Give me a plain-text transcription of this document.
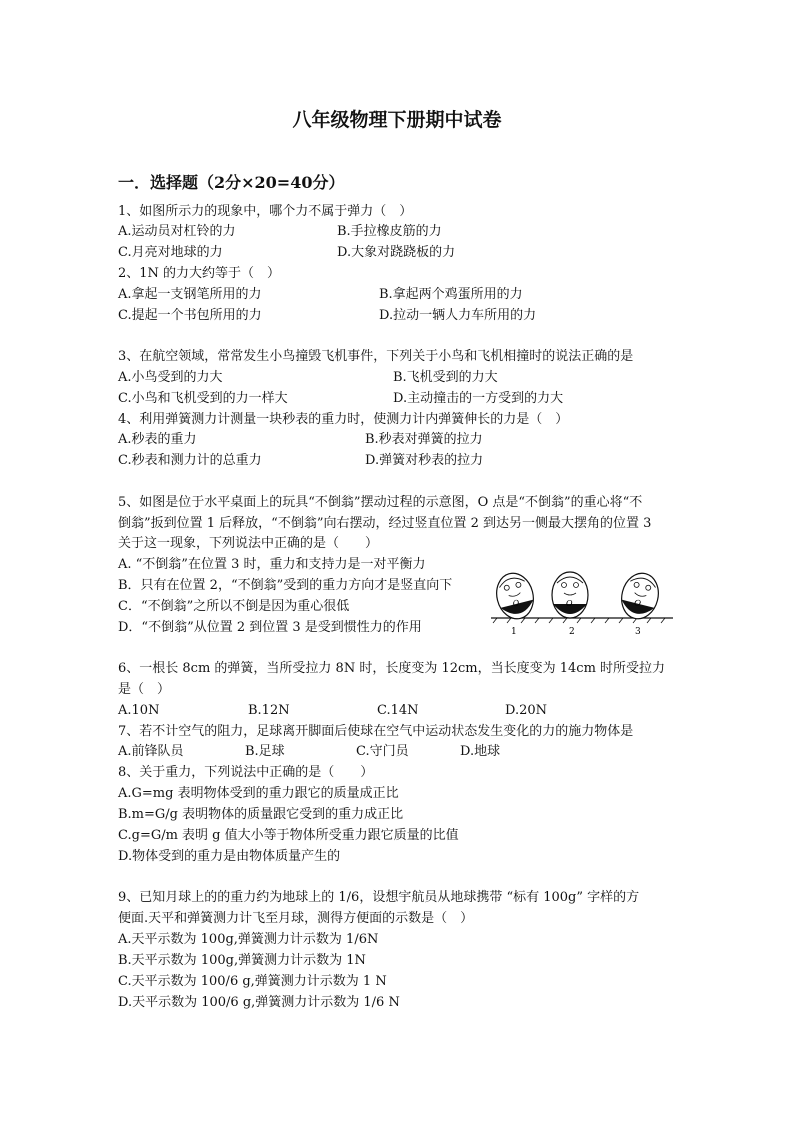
八年级物理下册期中试卷
一．选择题（2分×20=40分）
1、如图所示力的现象中，哪个力不属于弹力（　）
A.运动员对杠铃的力	B.手拉橡皮筋的力
C.月亮对地球的力	D.大象对跷跷板的力
2、1N 的力大约等于（　）
A.拿起一支钢笔所用的力	B.拿起两个鸡蛋所用的力
C.提起一个书包所用的力	D.拉动一辆人力车所用的力
3、在航空领域，常常发生小鸟撞毁飞机事件，下列关于小鸟和飞机相撞时的说法正确的是
A.小鸟受到的力大	B.飞机受到的力大
C.小鸟和飞机受到的力一样大	D.主动撞击的一方受到的力大
4、利用弹簧测力计测量一块秒表的重力时，使测力计内弹簧伸长的力是（　）
A.秒表的重力	B.秒表对弹簧的拉力
C.秒表和测力计的总重力	D.弹簧对秒表的拉力
5、如图是位于水平桌面上的玩具“不倒翁”摆动过程的示意图，O 点是“不倒翁”的重心将“不
倒翁”扳到位置 1 后释放，“不倒翁”向右摆动，经过竖直位置 2 到达另一侧最大摆角的位置 3
关于这一现象，下列说法中正确的是（　　）
A. “不倒翁”在位置 3 时，重力和支持力是一对平衡力
B．只有在位置 2，“不倒翁”受到的重力方向才是竖直向下
C．“不倒翁”之所以不倒是因为重心很低
D．“不倒翁”从位置 2 到位置 3 是受到惯性力的作用
O	O	O
1	2	3
6、一根长 8cm 的弹簧，当所受拉力 8N 时，长度变为 12cm，当长度变为 14cm 时所受拉力
是（　）
A.10N	B.12N	C.14N	D.20N
7、若不计空气的阻力，足球离开脚面后使球在空气中运动状态发生变化的力的施力物体是
A.前锋队员	B.足球	C.守门员	D.地球
8、关于重力，下列说法中正确的是（　　）
A.G=mg 表明物体受到的重力跟它的质量成正比
B.m=G/g 表明物体的质量跟它受到的重力成正比
C.g=G/m 表明 g 值大小等于物体所受重力跟它质量的比值
D.物体受到的重力是由物体质量产生的
9、已知月球上的的重力约为地球上的 1/6，设想宇航员从地球携带 “标有 100g” 字样的方
便面.天平和弹簧测力计飞至月球，测得方便面的示数是（　）
A.天平示数为 100g,弹簧测力计示数为 1/6N
B.天平示数为 100g,弹簧测力计示数为 1N
C.天平示数为 100/6 g,弹簧测力计示数为 1 N
D.天平示数为 100/6 g,弹簧测力计示数为 1/6 N
